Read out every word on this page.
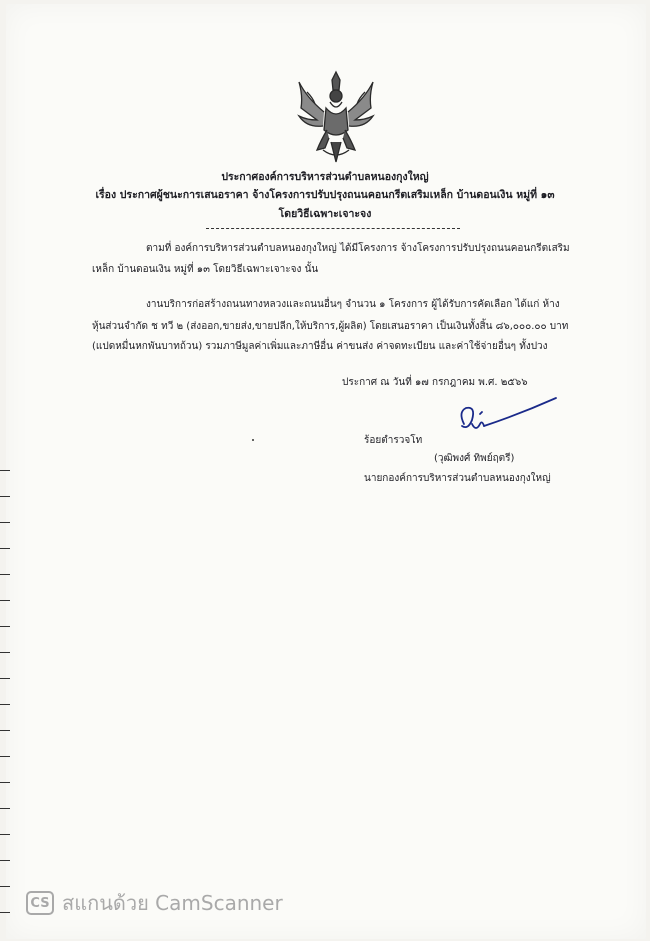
ประกาศองค์การบริหารส่วนตำบลหนองกุงใหญ่
เรื่อง ประกาศผู้ชนะการเสนอราคา จ้างโครงการปรับปรุงถนนคอนกรีตเสริมเหล็ก บ้านดอนเงิน หมู่ที่ ๑๓
โดยวิธีเฉพาะเจาะจง
ตามที่ องค์การบริหารส่วนตำบลหนองกุงใหญ่ ได้มีโครงการ จ้างโครงการปรับปรุงถนนคอนกรีตเสริม
เหล็ก บ้านดอนเงิน หมู่ที่ ๑๓ โดยวิธีเฉพาะเจาะจง นั้น
งานบริการก่อสร้างถนนทางหลวงและถนนอื่นๆ จำนวน ๑ โครงการ ผู้ได้รับการคัดเลือก ได้แก่ ห้าง
หุ้นส่วนจำกัด ช ทวี ๒ (ส่งออก,ขายส่ง,ขายปลีก,ให้บริการ,ผู้ผลิต) โดยเสนอราคา เป็นเงินทั้งสิ้น ๘๖,๐๐๐.๐๐ บาท
(แปดหมื่นหกพันบาทถ้วน) รวมภาษีมูลค่าเพิ่มและภาษีอื่น ค่าขนส่ง ค่าจดทะเบียน และค่าใช้จ่ายอื่นๆ ทั้งปวง
ประกาศ ณ วันที่ ๑๗ กรกฎาคม พ.ศ. ๒๕๖๖
ร้อยตำรวจโท
(วุฒิพงศ์ ทิพย์ฤตรี)
นายกองค์การบริหารส่วนตำบลหนองกุงใหญ่
CS สแกนด้วย CamScanner
